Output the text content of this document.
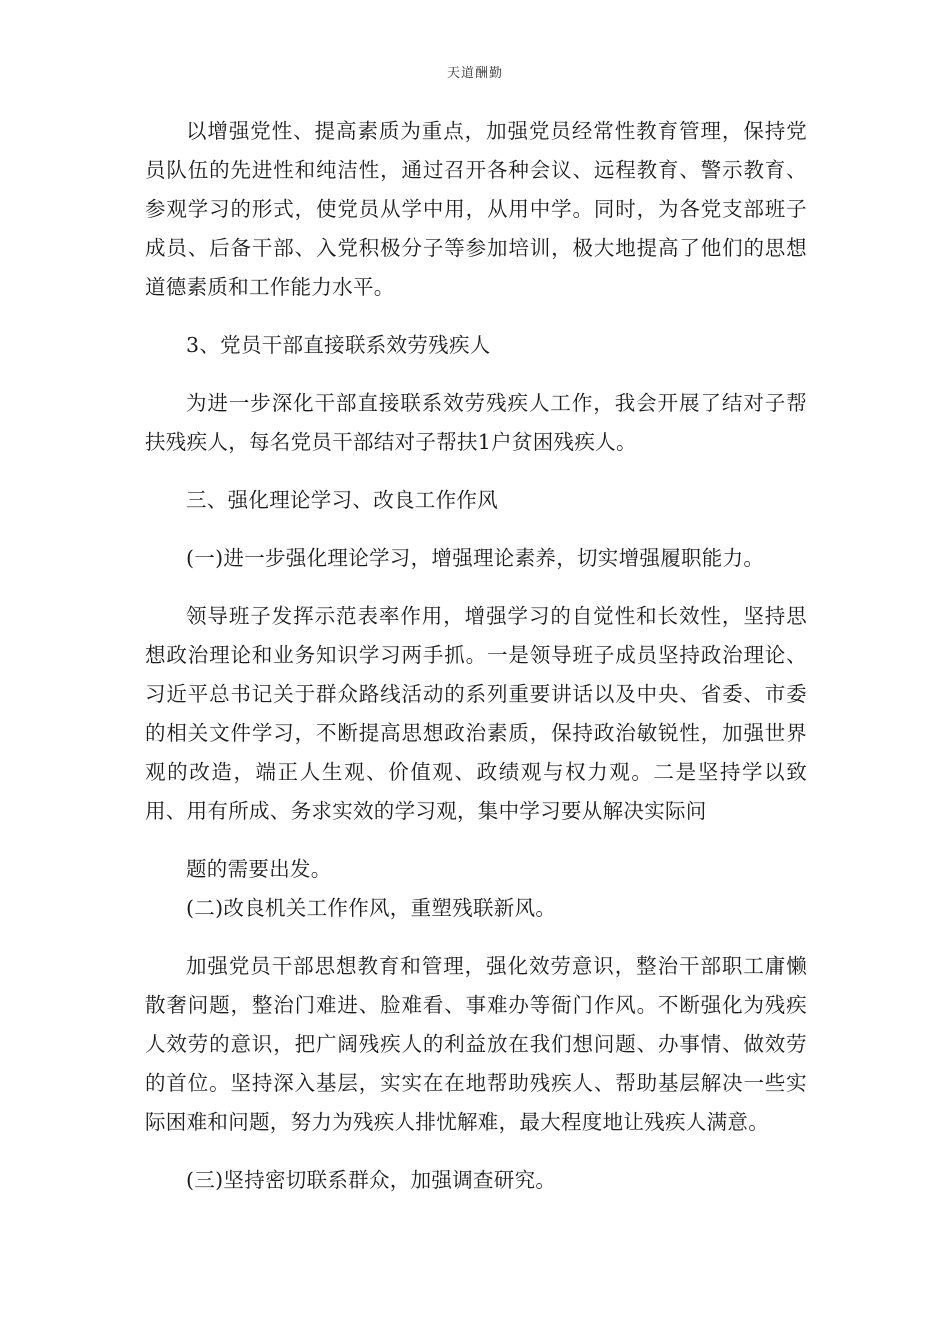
天道酬勤

以增强党性、提高素质为重点，加强党员经常性教育管理，保持党员队伍的先进性和纯洁性，通过召开各种会议、远程教育、警示教育、参观学习的形式，使党员从学中用，从用中学。同时，为各党支部班子成员、后备干部、入党积极分子等参加培训，极大地提高了他们的思想道德素质和工作能力水平。

3、党员干部直接联系效劳残疾人

为进一步深化干部直接联系效劳残疾人工作，我会开展了结对子帮扶残疾人，每名党员干部结对子帮扶1户贫困残疾人。

三、强化理论学习、改良工作作风

(一)进一步强化理论学习，增强理论素养，切实增强履职能力。

领导班子发挥示范表率作用，增强学习的自觉性和长效性，坚持思想政治理论和业务知识学习两手抓。一是领导班子成员坚持政治理论、习近平总书记关于群众路线活动的系列重要讲话以及中央、省委、市委的相关文件学习，不断提高思想政治素质，保持政治敏锐性，加强世界观的改造，端正人生观、价值观、政绩观与权力观。二是坚持学以致用、用有所成、务求实效的学习观，集中学习要从解决实际问

题的需要出发。

(二)改良机关工作作风，重塑残联新风。

加强党员干部思想教育和管理，强化效劳意识，整治干部职工庸懒散奢问题，整治门难进、脸难看、事难办等衙门作风。不断强化为残疾人效劳的意识，把广阔残疾人的利益放在我们想问题、办事情、做效劳的首位。坚持深入基层，实实在在地帮助残疾人、帮助基层解决一些实际困难和问题，努力为残疾人排忧解难，最大程度地让残疾人满意。

(三)坚持密切联系群众，加强调查研究。
